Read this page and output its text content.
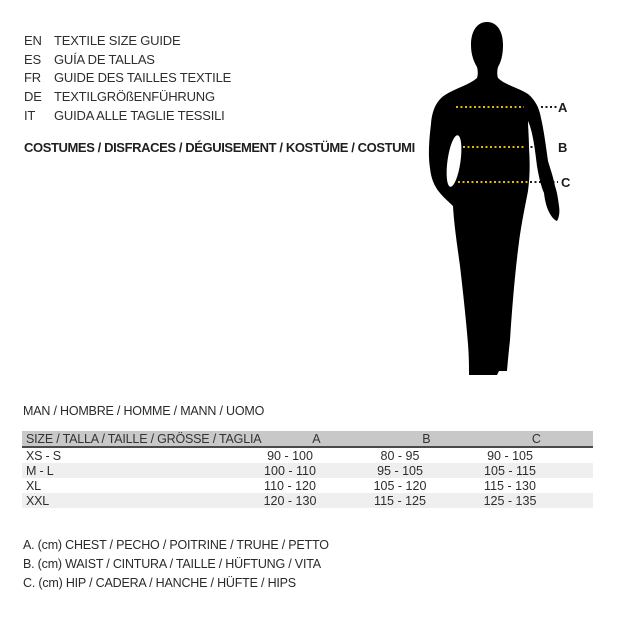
EN TEXTILE SIZE GUIDE
ES	GUÍA DE TALLAS
FR	GUIDE DES TAILLES TEXTILE
DE TEXTILGRÖßENFÜHRUNG
IT	GUIDA ALLE TAGLIE TESSILI
COSTUMES / DISFRACES / DÉGUISEMENT / KOSTÜME / COSTUMI
A
B
C
MAN / HOMBRE / HOMME / MANN / UOMO
SIZE / TALLA / TAILLE / GRÖSSE / TAGLIA	A	B	C
XS - S	90 - 100	80 - 95	90 - 105
M - L	100 - 110	95 - 105	105 - 115
XL	110 - 120	105 - 120	115 - 130
XXL	120 - 130	115 - 125	125 - 135
A. (cm) CHEST / PECHO / POITRINE / TRUHE / PETTO
B. (cm) WAIST / CINTURA / TAILLE / HÜFTUNG / VITA
C. (cm) HIP / CADERA / HANCHE / HÜFTE / HIPS
